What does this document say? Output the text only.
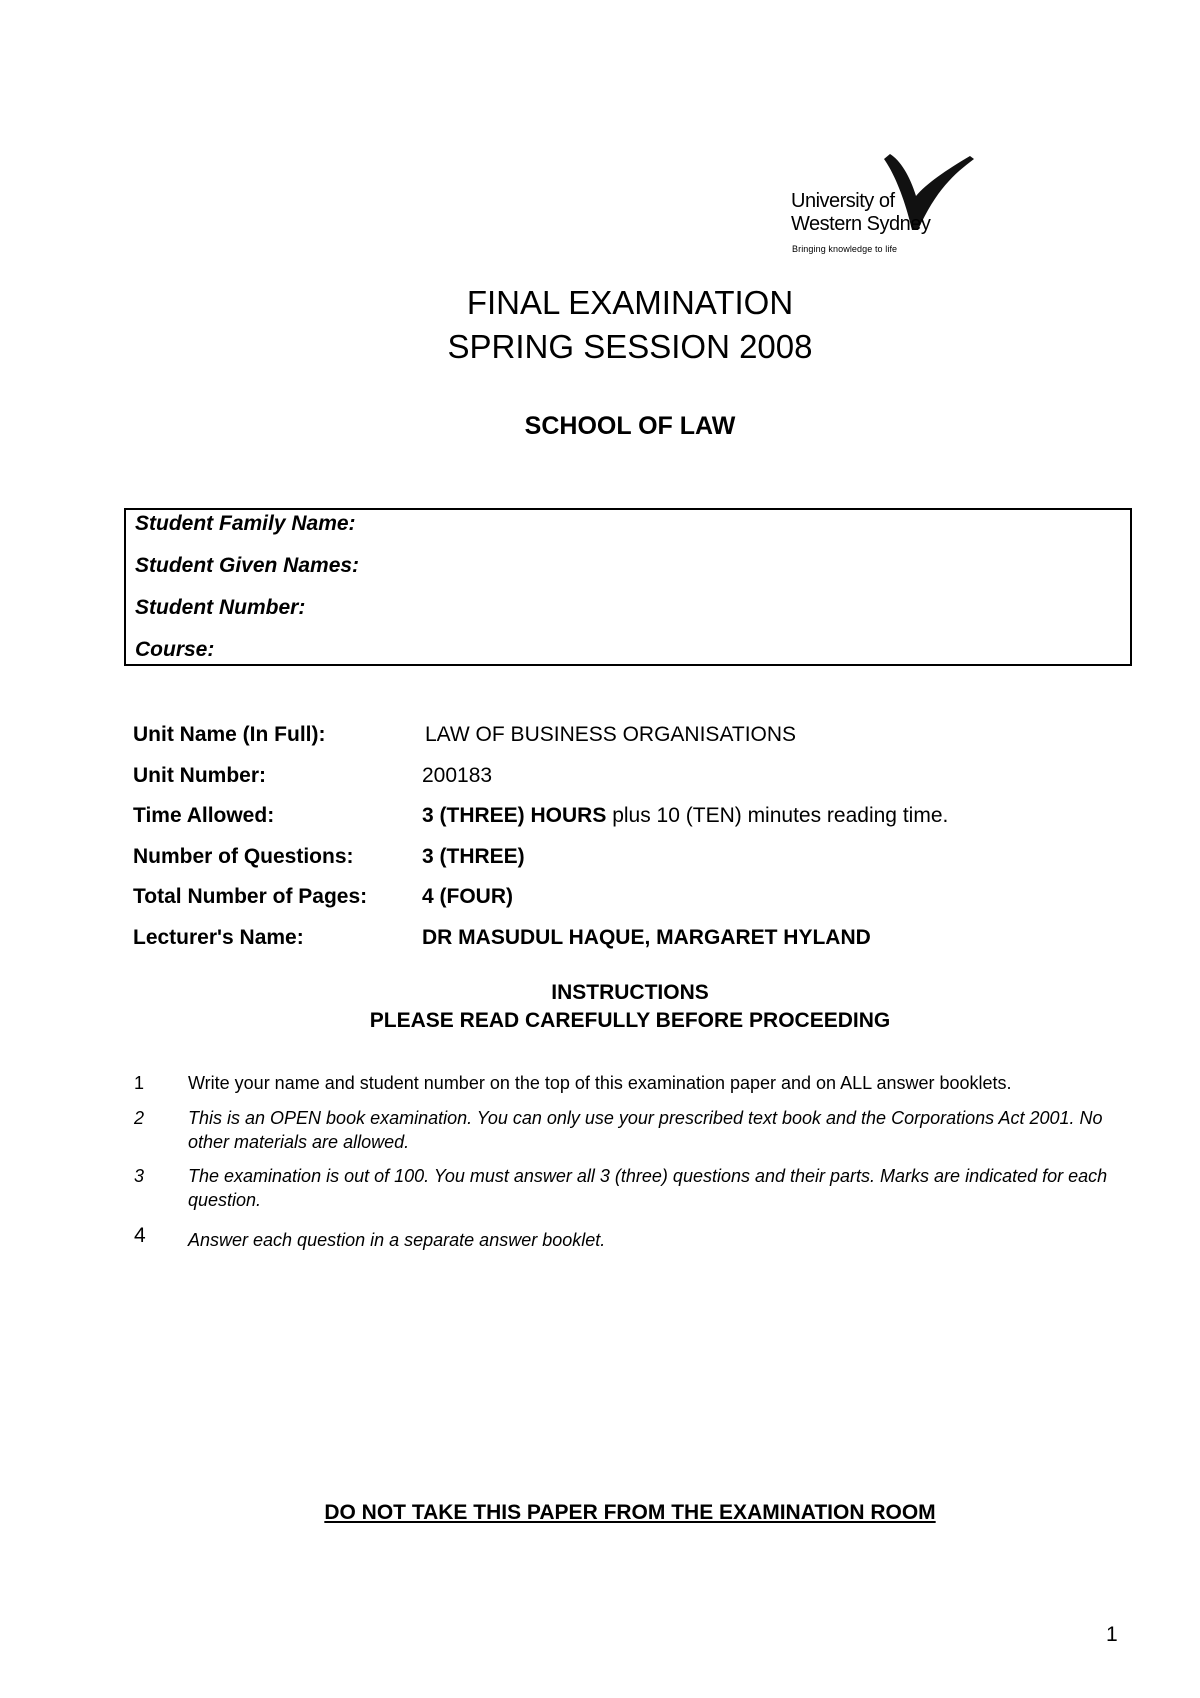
University of
Western Sydney
Bringing knowledge to life
FINAL EXAMINATION
SPRING SESSION 2008
SCHOOL OF LAW
Student Family Name:
Student Given Names:
Student Number:
Course:
Unit Name (In Full):	LAW OF BUSINESS ORGANISATIONS
Unit Number:	200183
Time Allowed:	3 (THREE) HOURS plus 10 (TEN) minutes reading time.
Number of Questions:	3 (THREE)
Total Number of Pages:	4 (FOUR)
Lecturer's Name:	DR MASUDUL HAQUE, MARGARET HYLAND
INSTRUCTIONS
PLEASE READ CAREFULLY BEFORE PROCEEDING
1 Write your name and student number on the top of this examination paper and on ALL answer booklets.
2 This is an OPEN book examination. You can only use your prescribed text book and the Corporations Act 2001. No other materials are allowed.
3 The examination is out of 100. You must answer all 3 (three) questions and their parts. Marks are indicated for each question.
4 Answer each question in a separate answer booklet.
DO NOT TAKE THIS PAPER FROM THE EXAMINATION ROOM
1
